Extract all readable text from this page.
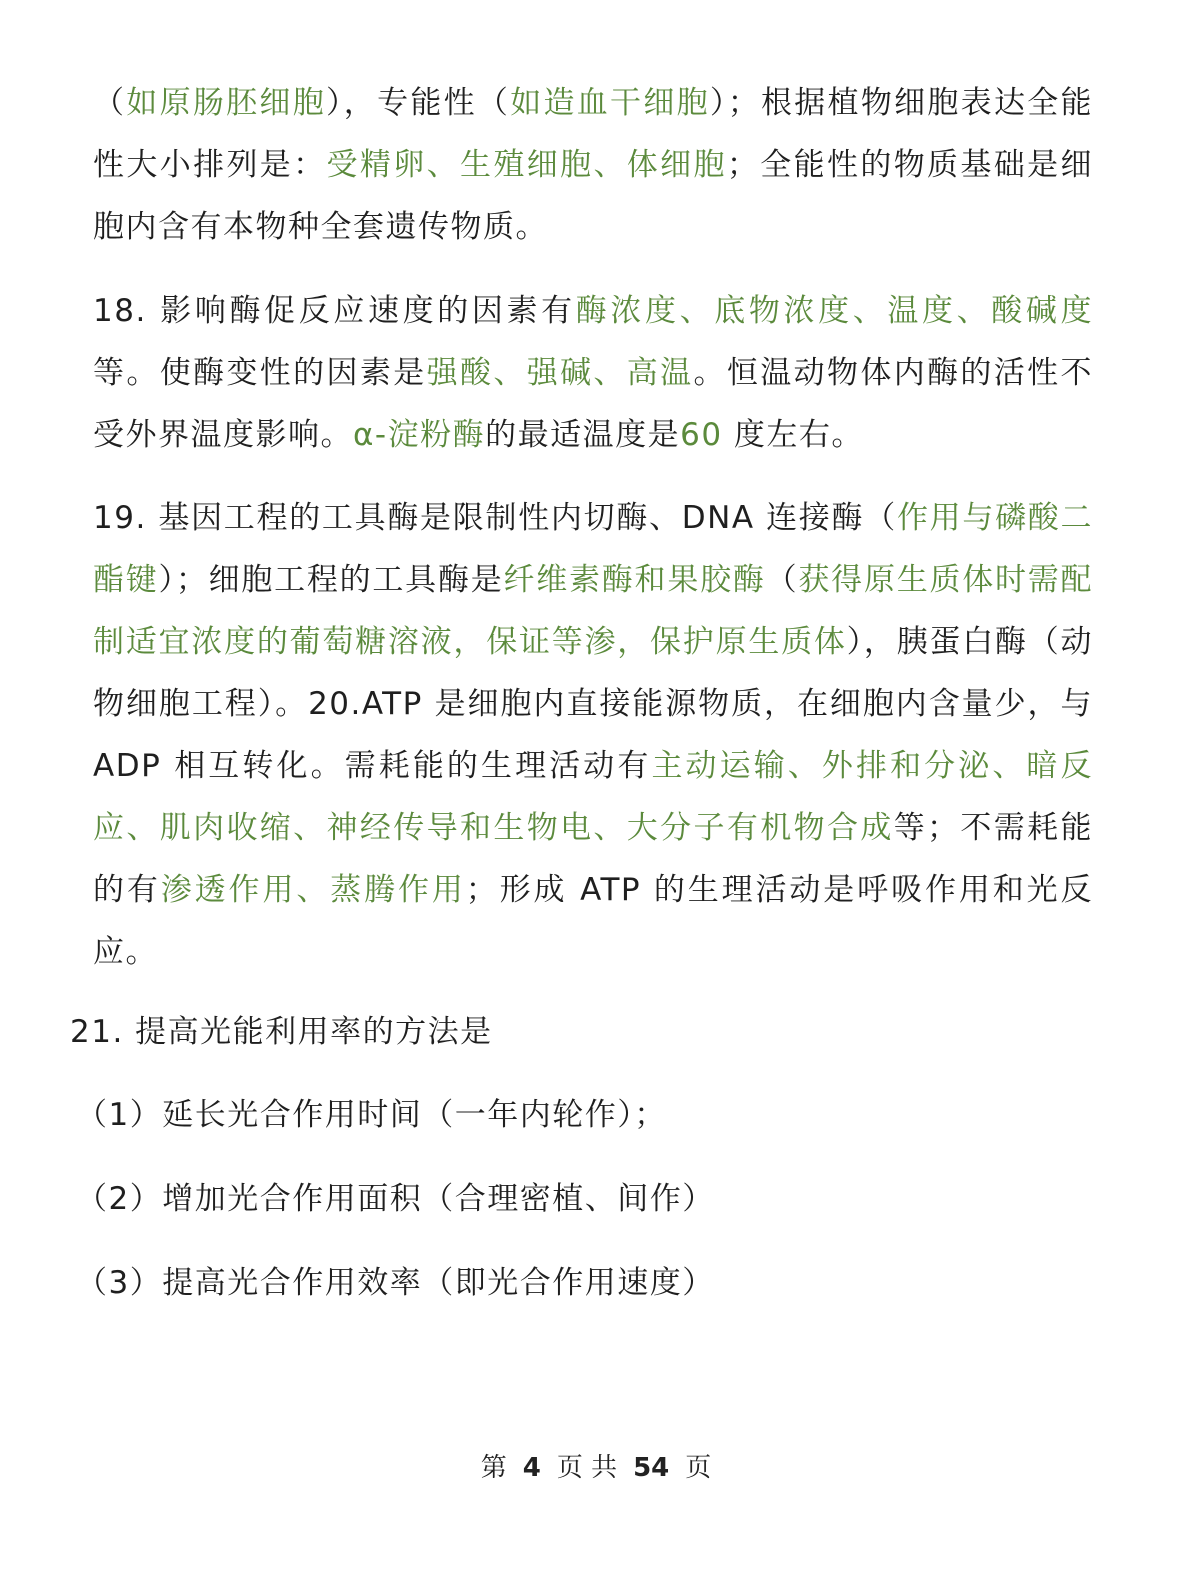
（如原肠胚细胞），专能性（如造血干细胞）；根据植物细胞表达全能性大小排列是：受精卵、生殖细胞、体细胞；全能性的物质基础是细胞内含有本物种全套遗传物质。

18. 影响酶促反应速度的因素有酶浓度、底物浓度、温度、酸碱度等。使酶变性的因素是强酸、强碱、高温。恒温动物体内酶的活性不受外界温度影响。α-淀粉酶的最适温度是60 度左右。

19. 基因工程的工具酶是限制性内切酶、DNA 连接酶（作用与磷酸二酯键）；细胞工程的工具酶是纤维素酶和果胶酶（获得原生质体时需配制适宜浓度的葡萄糖溶液，保证等渗，保护原生质体），胰蛋白酶（动物细胞工程）。20.ATP 是细胞内直接能源物质，在细胞内含量少，与 ADP 相互转化。需耗能的生理活动有主动运输、外排和分泌、暗反应、肌肉收缩、神经传导和生物电、大分子有机物合成等；不需耗能的有渗透作用、蒸腾作用；形成 ATP 的生理活动是呼吸作用和光反应。

21. 提高光能利用率的方法是

（1）延长光合作用时间（一年内轮作）；

（2）增加光合作用面积（合理密植、间作）

（3）提高光合作用效率（即光合作用速度）

第 4 页 共 54 页
